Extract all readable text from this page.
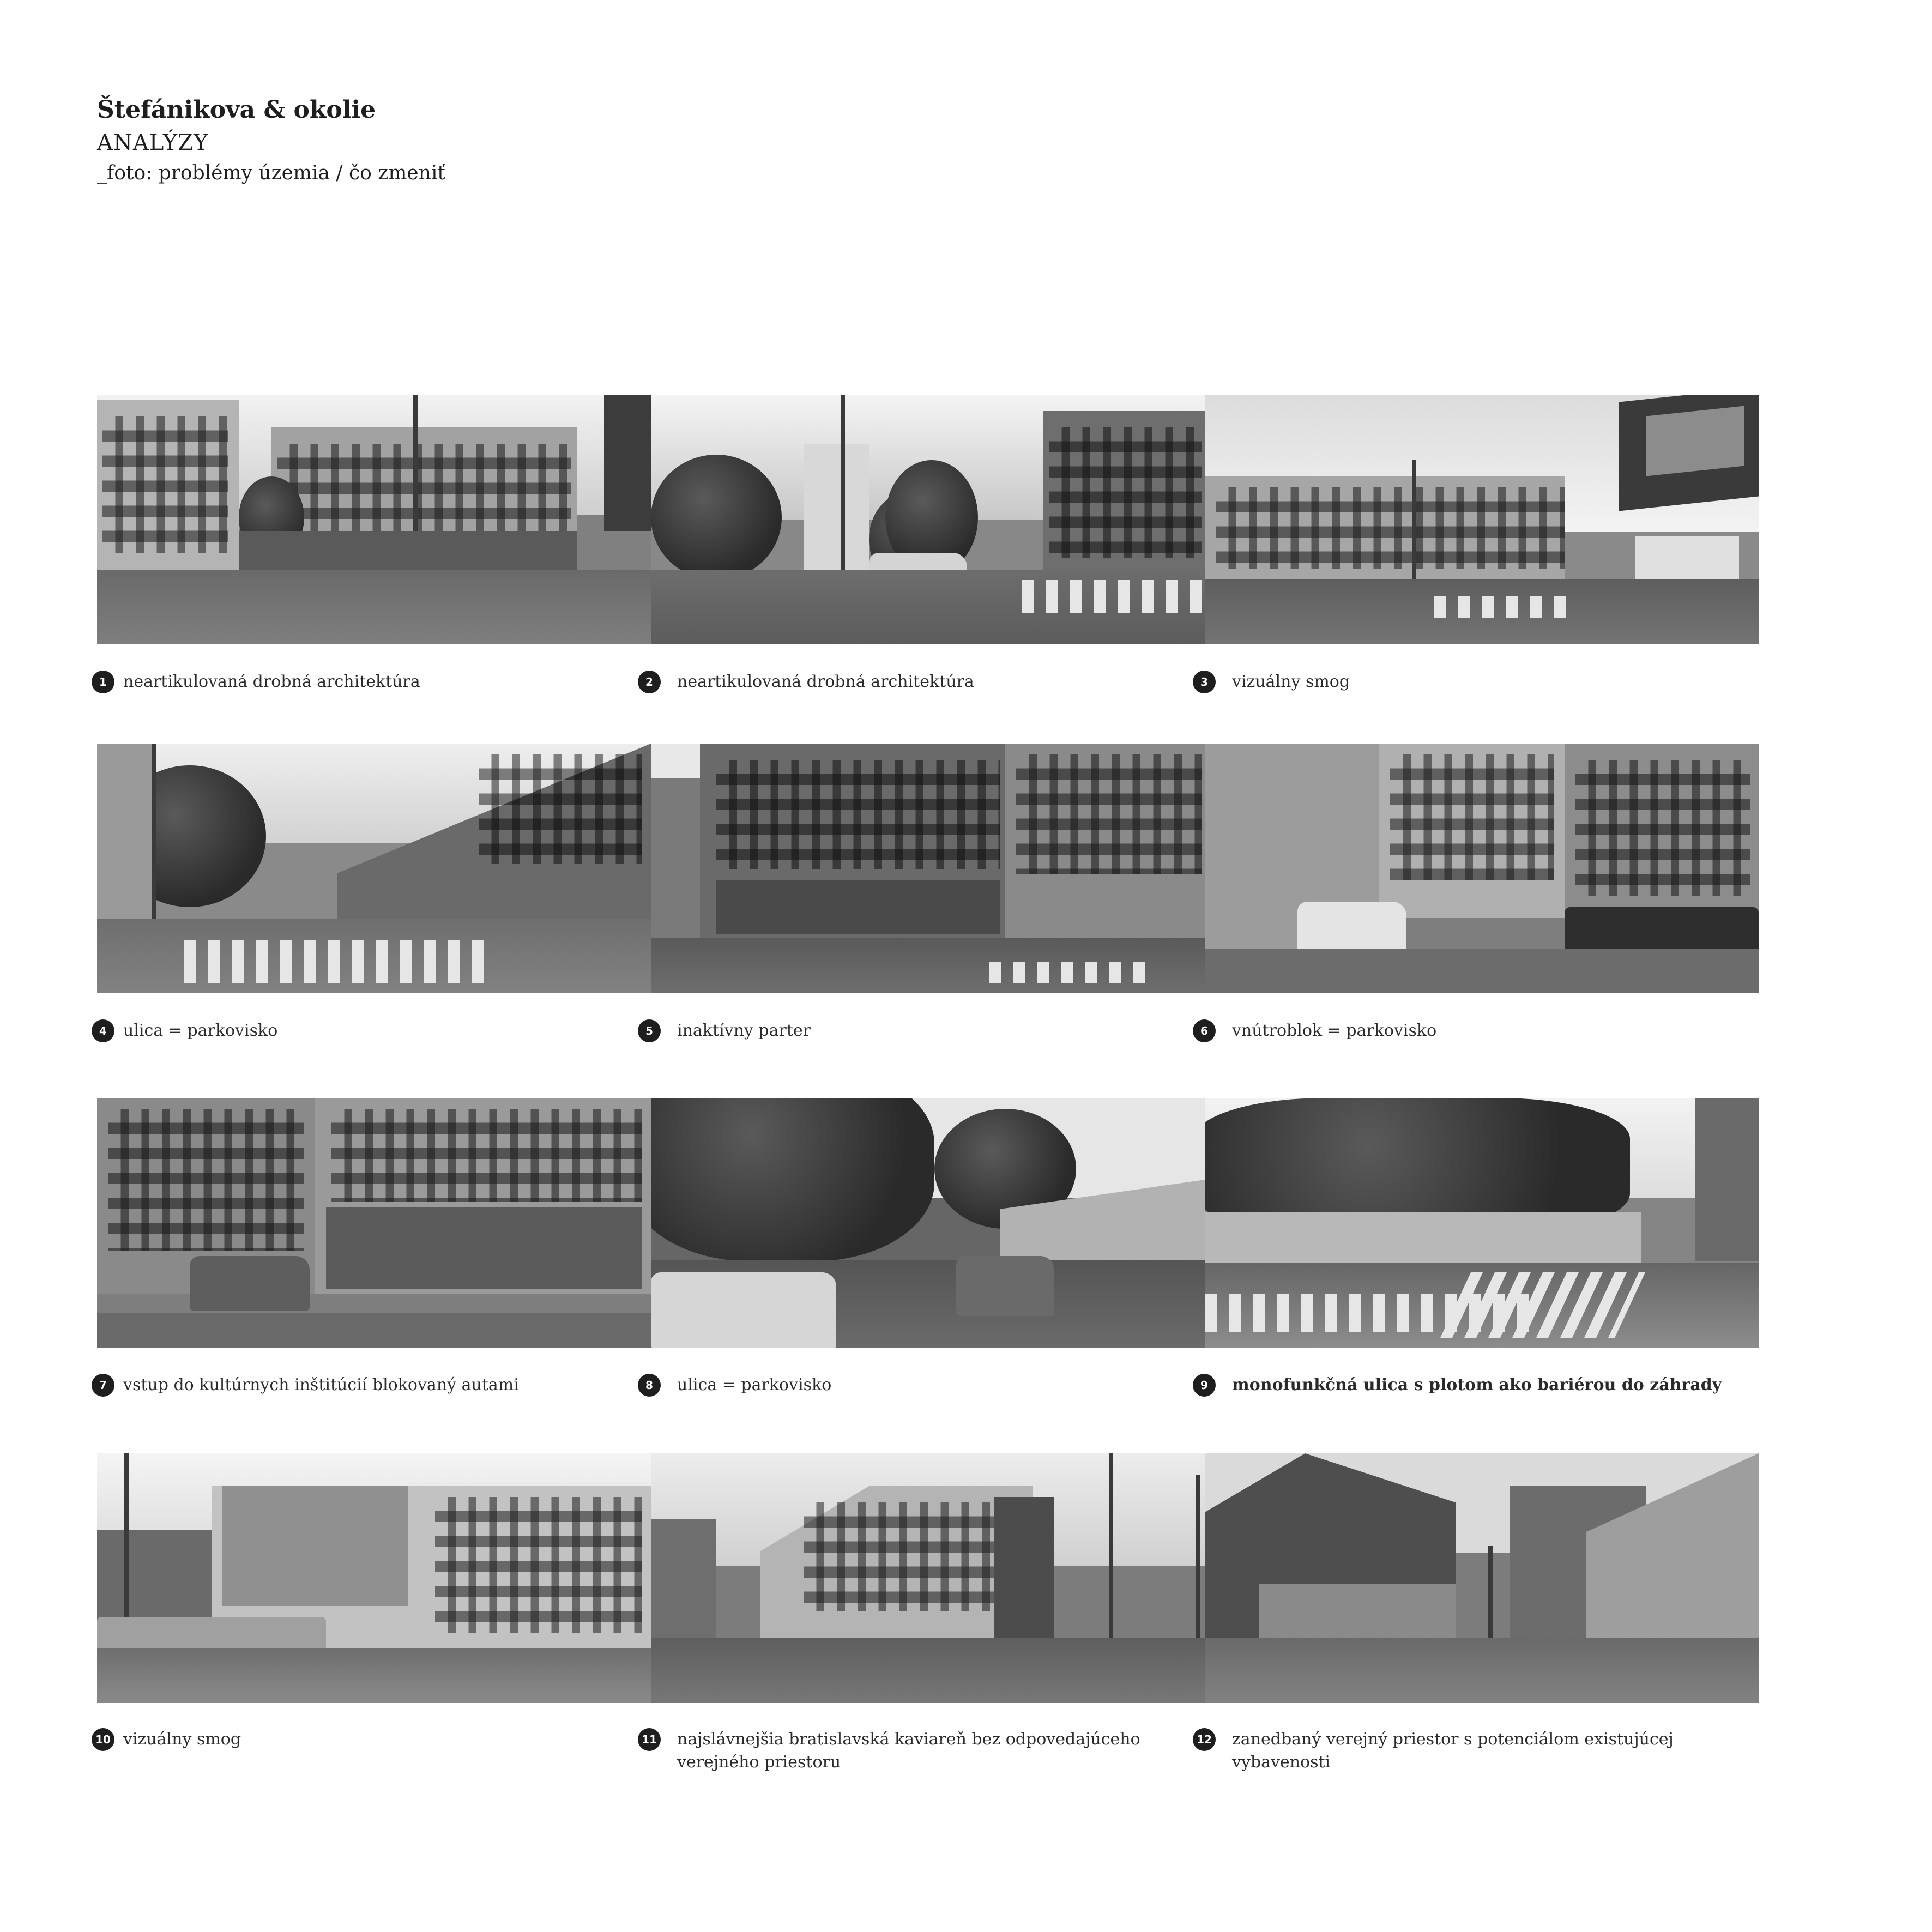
Štefánikova & okolie
ANALÝZY
_foto: problémy územia / čo zmeniť
1	neartikulovaná drobná architektúra	2	neartikulovaná drobná architektúra	3	vizuálny smog
4	ulica = parkovisko	5	inaktívny parter	6	vnútroblok = parkovisko
7	vstup do kultúrnych inštitúcií blokovaný autami	8	ulica = parkovisko	9	monofunkčná ulica s plotom ako bariérou do záhrady
10 vizuálny smog	11 najslávnejšia bratislavská kaviareň bez odpovedajúceho verejného priestoru
12 zanedbaný verejný priestor s potenciálom existujúcej vybavenosti
